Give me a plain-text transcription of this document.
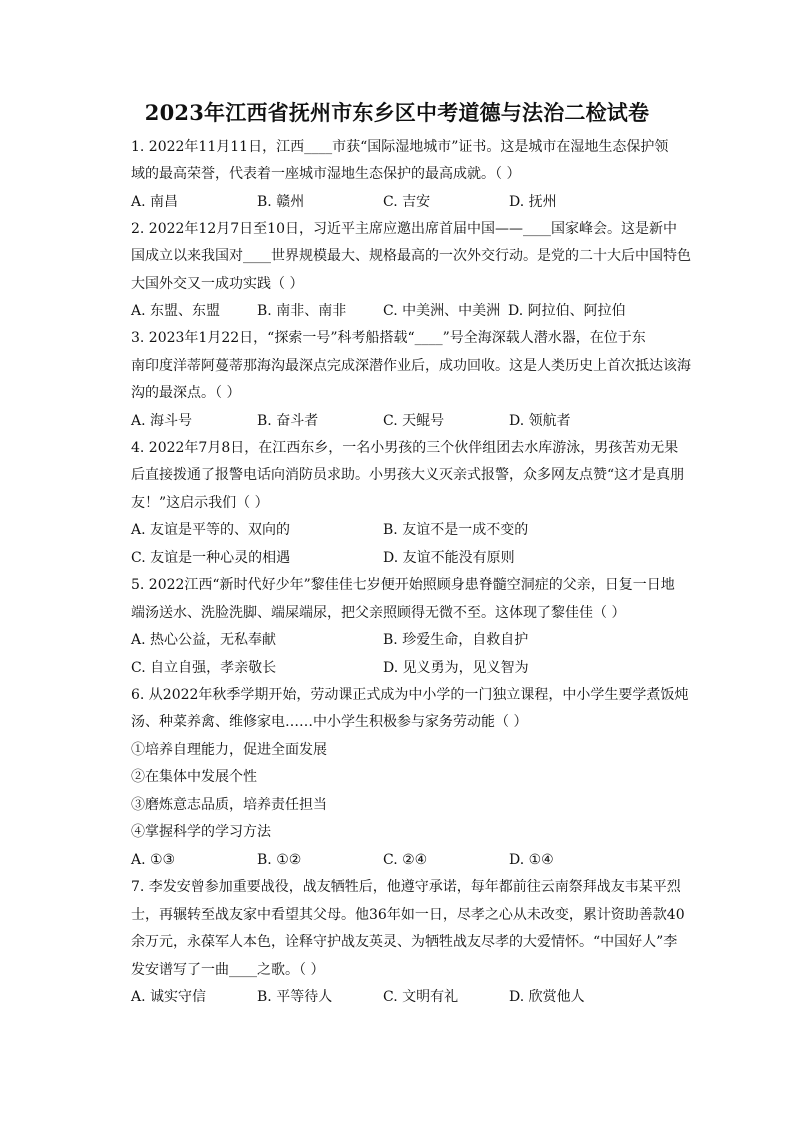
2023年江西省抚州市东乡区中考道德与法治二检试卷
1. 2022年11月11日，江西____市获“国际湿地城市”证书。这是城市在湿地生态保护领
域的最高荣誉，代表着一座城市湿地生态保护的最高成就。（ ）
A. 南昌	B. 赣州	C. 吉安	D. 抚州
2. 2022年12月7日至10日，习近平主席应邀出席首届中国——____国家峰会。这是新中
国成立以来我国对____世界规模最大、规格最高的一次外交行动。是党的二十大后中国特色
大国外交又一成功实践（ ）
A. 东盟、东盟	B. 南非、南非	C. 中美洲、中美洲 D. 阿拉伯、阿拉伯
3. 2023年1月22日，“探索一号”科考船搭载“____”号全海深载人潜水器，在位于东
南印度洋蒂阿蔓蒂那海沟最深点完成深潜作业后，成功回收。这是人类历史上首次抵达该海
沟的最深点。（ ）
A. 海斗号	B. 奋斗者	C. 天鲲号	D. 领航者
4. 2022年7月8日，在江西东乡，一名小男孩的三个伙伴组团去水库游泳，男孩苦劝无果
后直接拨通了报警电话向消防员求助。小男孩大义灭亲式报警，众多网友点赞“这才是真朋
友！”这启示我们（ ）
A. 友谊是平等的、双向的	B. 友谊不是一成不变的
C. 友谊是一种心灵的相遇	D. 友谊不能没有原则
5. 2022江西“新时代好少年”黎佳佳七岁便开始照顾身患脊髓空洞症的父亲，日复一日地
端汤送水、洗脸洗脚、端屎端尿，把父亲照顾得无微不至。这体现了黎佳佳（ ）
A. 热心公益，无私奉献	B. 珍爱生命，自救自护
C. 自立自强，孝亲敬长	D. 见义勇为，见义智为
6. 从2022年秋季学期开始，劳动课正式成为中小学的一门独立课程，中小学生要学煮饭炖
汤、种菜养禽、维修家电……中小学生积极参与家务劳动能（ ）
①培养自理能力，促进全面发展
②在集体中发展个性
③磨炼意志品质，培养责任担当
④掌握科学的学习方法
A. ①③	B. ①②	C. ②④	D. ①④
7. 李发安曾参加重要战役，战友牺牲后，他遵守承诺，每年都前往云南祭拜战友韦某平烈
士，再辗转至战友家中看望其父母。他36年如一日，尽孝之心从未改变，累计资助善款40
余万元，永葆军人本色，诠释守护战友英灵、为牺牲战友尽孝的大爱情怀。“中国好人”李
发安谱写了一曲____之歌。（ ）
A. 诚实守信	B. 平等待人	C. 文明有礼	D. 欣赏他人
